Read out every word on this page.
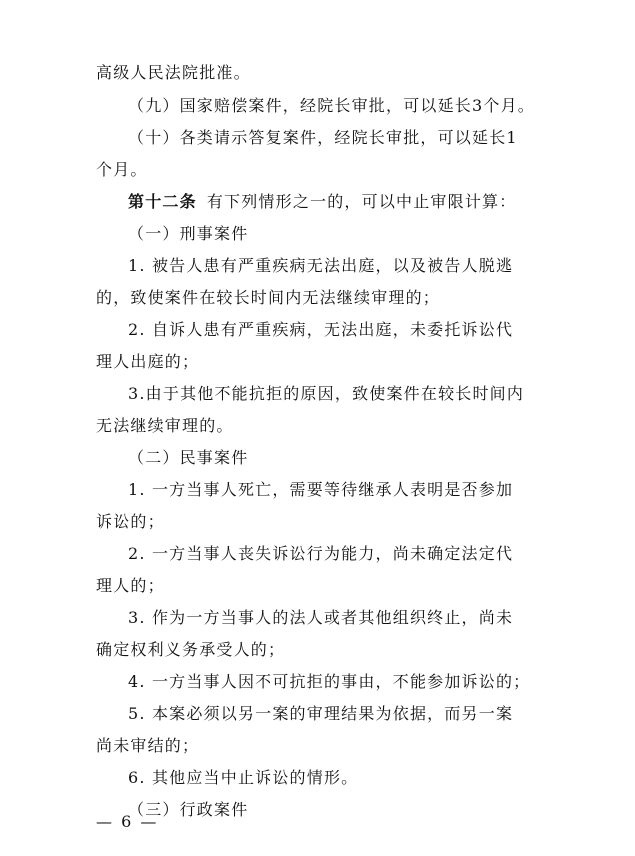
高级人民法院批准。
（九）国家赔偿案件，经院长审批，可以延长3个月。
（十）各类请示答复案件，经院长审批，可以延长1
个月。
第十二条 有下列情形之一的，可以中止审限计算：
（一）刑事案件
1. 被告人患有严重疾病无法出庭，以及被告人脱逃
的，致使案件在较长时间内无法继续审理的；
2. 自诉人患有严重疾病，无法出庭，未委托诉讼代
理人出庭的；
3.由于其他不能抗拒的原因，致使案件在较长时间内
无法继续审理的。
（二）民事案件
1. 一方当事人死亡，需要等待继承人表明是否参加
诉讼的；
2. 一方当事人丧失诉讼行为能力，尚未确定法定代
理人的；
3. 作为一方当事人的法人或者其他组织终止，尚未
确定权利义务承受人的；
4. 一方当事人因不可抗拒的事由，不能参加诉讼的；
5. 本案必须以另一案的审理结果为依据，而另一案
尚未审结的；
6. 其他应当中止诉讼的情形。
（三）行政案件
— 6 —
